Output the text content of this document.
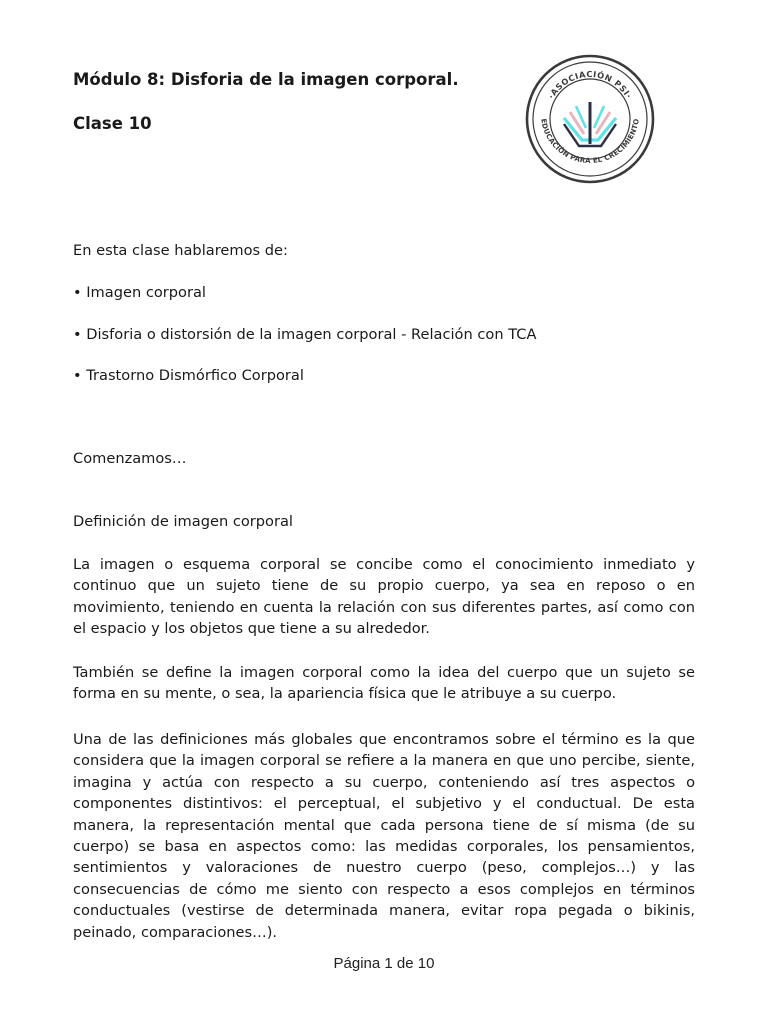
Módulo 8: Disforia de la imagen corporal.
Clase 10
·ASOCIACIÓN PSI·
EDUCACIÓN PARA EL CRECIMIENTO

En esta clase hablaremos de:

• Imagen corporal

• Disforia o distorsión de la imagen corporal - Relación con TCA

• Trastorno Dismórfico Corporal

Comenzamos…

Definición de imagen corporal

La imagen o esquema corporal se concibe como el conocimiento inmediato y continuo que un sujeto tiene de su propio cuerpo, ya sea en reposo o en movimiento, teniendo en cuenta la relación con sus diferentes partes, así como con el espacio y los objetos que tiene a su alrededor.

También se define la imagen corporal como la idea del cuerpo que un sujeto se forma en su mente, o sea, la apariencia física que le atribuye a su cuerpo.

Una de las definiciones más globales que encontramos sobre el término es la que considera que la imagen corporal se refiere a la manera en que uno percibe, siente, imagina y actúa con respecto a su cuerpo, conteniendo así tres aspectos o componentes distintivos: el perceptual, el subjetivo y el conductual. De esta manera, la representación mental que cada persona tiene de sí misma (de su cuerpo) se basa en aspectos como: las medidas corporales, los pensamientos, sentimientos y valoraciones de nuestro cuerpo (peso, complejos…) y las consecuencias de cómo me siento con respecto a esos complejos en términos conductuales (vestirse de determinada manera, evitar ropa pegada o bikinis, peinado, comparaciones…).

Página 1 de 10
